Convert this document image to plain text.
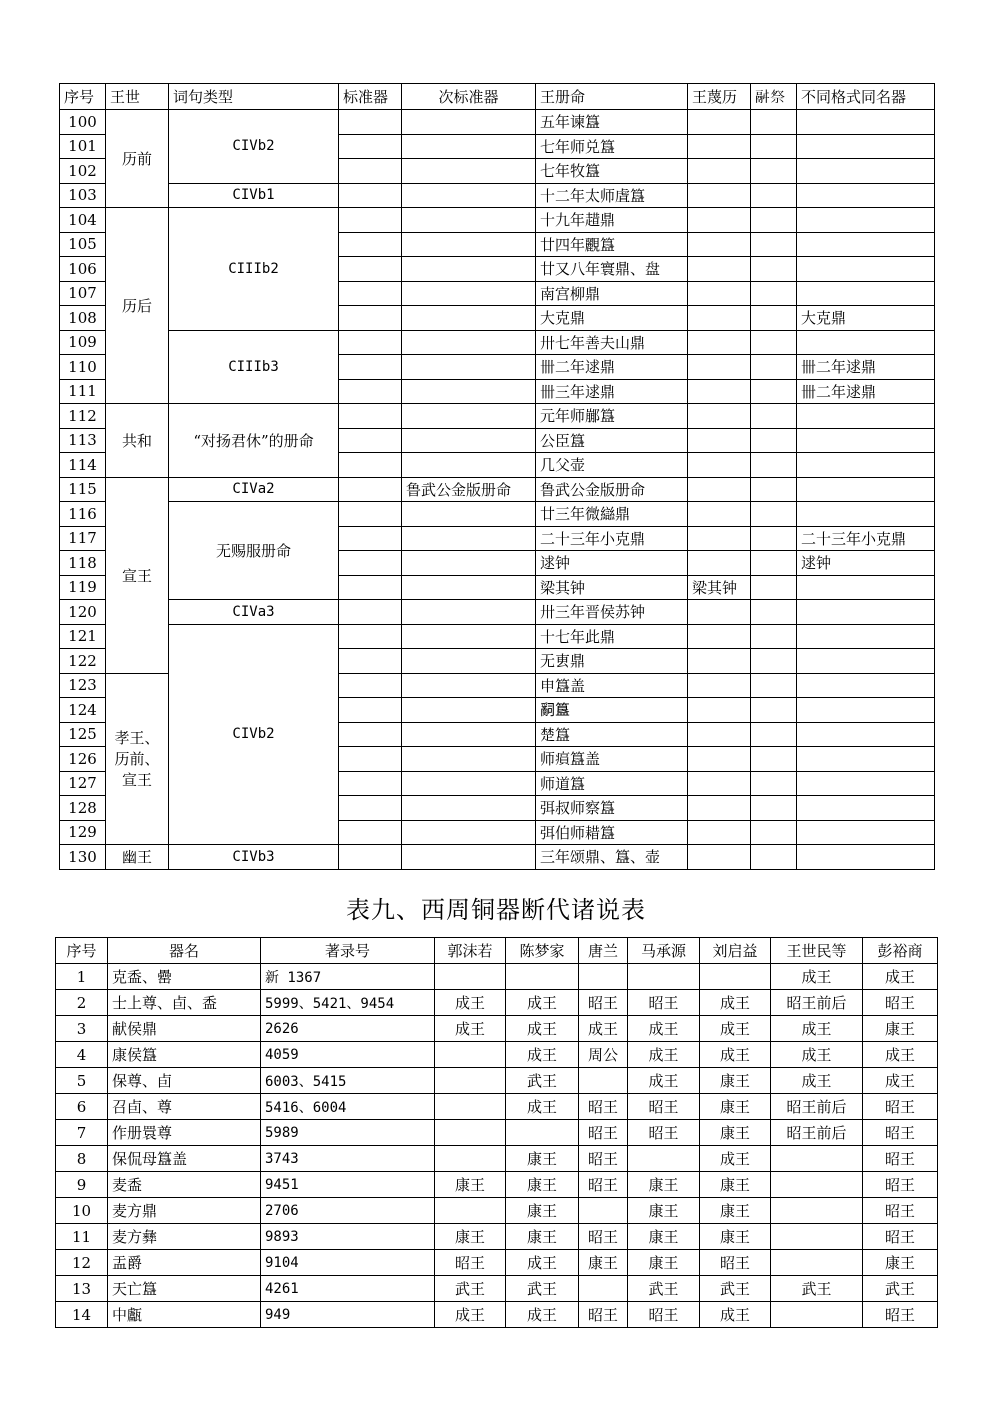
序号	王世	词句类型	标准器	次标准器	王册命	王蔑历	𩰫祭	不同格式同名器
100	历前	CIVb2			五年谏簋			
101					七年师兑簋			
102					七年牧簋			
103		CIVb1			十二年太师虘簋			
104	历后	CIIIb2			十九年趞鼎			
105					廿四年䚕簋			
106					廿又八年寰鼎、盘			
107					南宫柳鼎			
108					大克鼎			大克鼎
109		CIIIb3			卅七年善夫山鼎			
110					卌二年逑鼎			卌二年逑鼎
111					卌三年逑鼎			卌二年逑鼎
112	共和	“对扬君休”的册命			元年师䣙簋			
113					公臣簋			
114					几父壶			
115	宣王	CIVa2		鲁武公金版册命	鲁武公金版册命			
116		无赐服册命			廿三年微䜌鼎			
117					二十三年小克鼎			二十三年小克鼎
118					逑钟			逑钟
119					梁其钟	梁其钟		
120		CIVa3			卅三年晋侯苏钟			
121		CIVb2			十七年此鼎			
122					无叀鼎			
123	孝王、
历前、
宣王				申簋盖			
124					𤔲簋			
125					楚簋			
126					师𤸫簋盖			
127					师道簋			
128					弭叔师察簋			
129					弭伯师耤簋			
130	幽王	CIVb3			三年颂鼎、簋、壶			
表九、西周铜器断代诸说表
序号	器名	著录号	郭沫若	陈梦家	唐兰	马承源	刘启益	王世民等	彭裕商
1	克盉、罍	新 1367						成王	成王
2	士上尊、卣、盉	5999、5421、9454	成王	成王	昭王	昭王	成王	昭王前后	昭王
3	献侯鼎	2626	成王	成王	成王	成王	成王	成王	康王
4	康侯簋	4059		成王	周公	成王	成王	成王	成王
5	保尊、卣	6003、5415		武王		成王	康王	成王	成王
6	召卣、尊	5416、6004		成王	昭王	昭王	康王	昭王前后	昭王
7	作册睘尊	5989			昭王	昭王	康王	昭王前后	昭王
8	保侃母簋盖	3743		康王	昭王		成王		昭王
9	麦盉	9451	康王	康王	昭王	康王	康王		昭王
10	麦方鼎	2706		康王		康王	康王		昭王
11	麦方彝	9893	康王	康王	昭王	康王	康王		昭王
12	盂爵	9104	昭王	成王	康王	康王	昭王		康王
13	天亡簋	4261	武王	武王		武王	武王	武王	武王
14	中甗	949	成王	成王	昭王	昭王	成王		昭王
